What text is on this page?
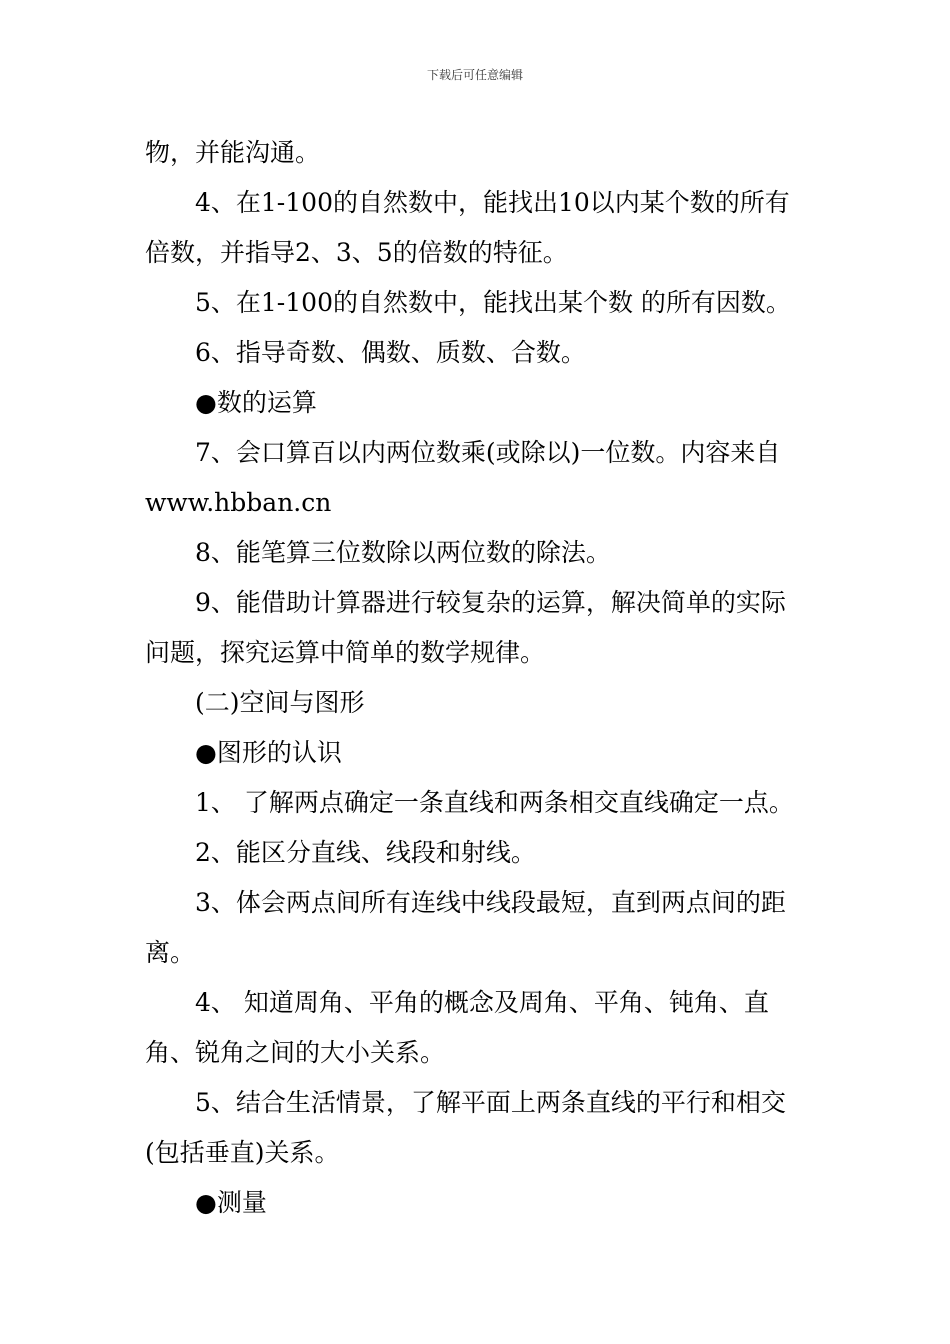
下载后可任意编辑
物，并能沟通。
4、在1-100的自然数中，能找出10以内某个数的所有
倍数，并指导2、3、5的倍数的特征。
5、在1-100的自然数中，能找出某个数 的所有因数。
6、指导奇数、偶数、质数、合数。
●数的运算
7、会口算百以内两位数乘(或除以)一位数。内容来自
www.hbban.cn
8、能笔算三位数除以两位数的除法。
9、能借助计算器进行较复杂的运算，解决简单的实际
问题，探究运算中简单的数学规律。
(二)空间与图形
●图形的认识
1、 了解两点确定一条直线和两条相交直线确定一点。
2、能区分直线、线段和射线。
3、体会两点间所有连线中线段最短，直到两点间的距
离。
4、 知道周角、平角的概念及周角、平角、钝角、直
角、锐角之间的大小关系。
5、结合生活情景，了解平面上两条直线的平行和相交
(包括垂直)关系。
●测量
